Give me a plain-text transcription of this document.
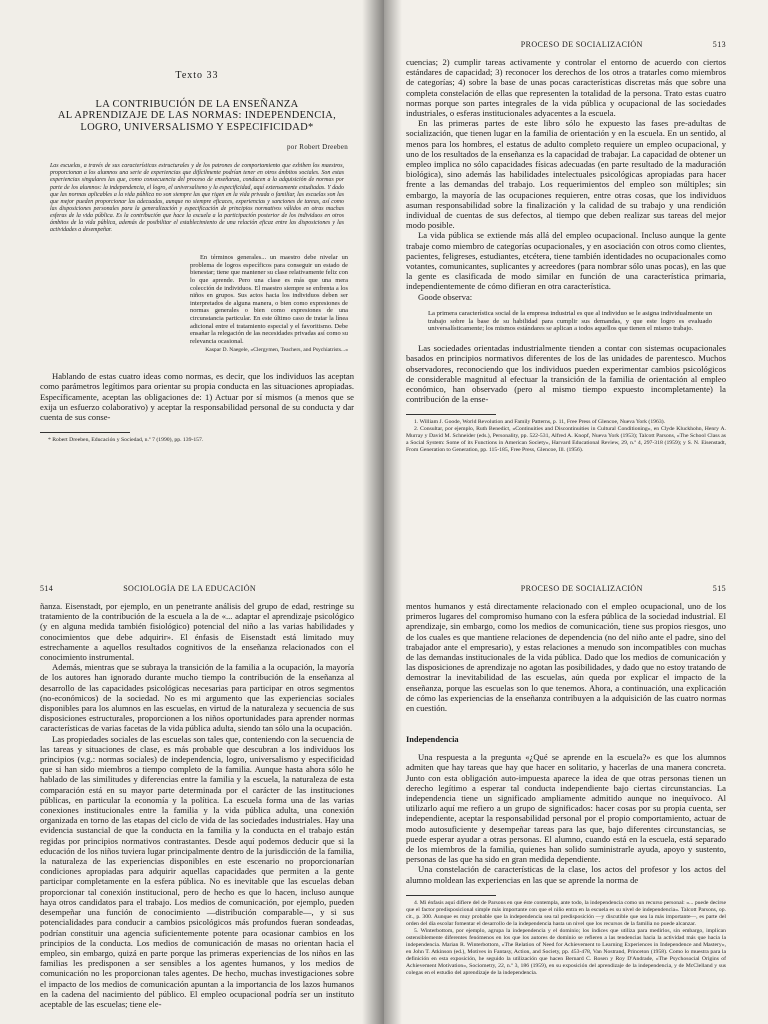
Texto 33
LA CONTRIBUCIÓN DE LA ENSEÑANZA
AL APRENDIZAJE DE LAS NORMAS: INDEPENDENCIA,
LOGRO, UNIVERSALISMO Y ESPECIFICIDAD*
por Robert Dreeben
Las escuelas, a través de sus características estructurales y de los patrones de comportamiento que exhiben los maestros, proporcionan a los alumnos una serie de experiencias que difícilmente podrían tener en otros ámbitos sociales. Son estas experiencias singulares las que, como consecuencia del proceso de enseñanza, conducen a la adquisición de normas por parte de los alumnos: la independencia, el logro, el universalismo y la especificidad, aquí extensamente estudiadas. Y dado que las normas aplicables a la vida pública no son siempre las que rigen en la vida privada o familiar, las escuelas son las que mejor pueden proporcionar las adecuadas, aunque no siempre eficaces, experiencias y sanciones de tareas, así como las disposiciones personales para la generalización y especificación de principios normativos válidos en otras muchas esferas de la vida pública. Es la contribución que hace la escuela a la participación posterior de los individuos en otros ámbitos de la vida pública, además de posibilitar el establecimiento de una relación eficaz entre las disposiciones y las actividades a desempeñar.

En términos generales... un maestro debe nivelar un problema de logros específicos para conseguir un estado de bienestar; tiene que mantener su clase relativamente feliz con lo que aprende. Pero una clase es más que una mera colección de individuos. El maestro siempre se enfrenta a los niños en grupos. Sus actos hacia los individuos deben ser interpretados de alguna manera, o bien como expresiones de normas generales o bien como expresiones de una circunstancia particular. En este último caso de tratar la línea adicional entre el tratamiento especial y el favoritismo. Debe ensañar la relegación de las necesidades privadas así como su relevancia ocasional.

Kaspar D. Naegele, «Clergymen, Teachers, and Psychiatrists...»

Hablando de estas cuatro ideas como normas, es decir, que los individuos las aceptan como parámetros legítimos para orientar su propia conducta en las situaciones apropiadas. Específicamente, aceptan las obligaciones de: 1) Actuar por sí mismos (a menos que se exija un esfuerzo colaborativo) y aceptar la responsabilidad personal de su conducta y dar cuenta de sus conse-

* Robert Dreeben, Educación y Sociedad, n.º 7 (1990), pp. 139-157.

PROCESO DE SOCIALIZACIÓN	513

cuencias; 2) cumplir tareas activamente y controlar el entorno de acuerdo con ciertos estándares de capacidad; 3) reconocer los derechos de los otros a tratarles como miembros de categorías; 4) sobre la base de unas pocas características discretas más que sobre una completa constelación de ellas que representen la totalidad de la persona. Trato estas cuatro normas porque son partes integrales de la vida pública y ocupacional de las sociedades industriales, o esferas institucionales adyacentes a la escuela.

En las primeras partes de este libro sólo he expuesto las fases pre-adultas de socialización, que tienen lugar en la familia de orientación y en la escuela. En un sentido, al menos para los hombres, el estatus de adulto completo requiere un empleo ocupacional, y uno de los resultados de la enseñanza es la capacidad de trabajar. La capacidad de obtener un empleo implica no sólo capacidades físicas adecuadas (en parte resultado de la maduración biológica), sino además las habilidades intelectuales psicológicas apropiadas para hacer frente a las demandas del trabajo. Los requerimientos del empleo son múltiples; sin embargo, la mayoría de las ocupaciones requieren, entre otras cosas, que los individuos asuman responsabilidad sobre la finalización y la calidad de su trabajo y una rendición individual de cuentas de sus defectos, al tiempo que deben realizar sus tareas del mejor modo posible.

La vida pública se extiende más allá del empleo ocupacional. Incluso aunque la gente trabaje como miembro de categorías ocupacionales, y en asociación con otros como clientes, pacientes, feligreses, estudiantes, etcétera, tiene también identidades no ocupacionales como votantes, comunicantes, suplicantes y acreedores (para nombrar sólo unas pocas), en las que la gente es clasificada de modo similar en función de una característica primaria, independientemente de cómo difieran en otra característica.

Goode observa:

La primera característica social de la empresa industrial es que al individuo se le asigna individualmente un trabajo sobre la base de su habilidad para cumplir sus demandas, y que este logro es evaluado universalísticamente; los mismos estándares se aplican a todos aquellos que tienen el mismo trabajo.

Las sociedades orientadas industrialmente tienden a contar con sistemas ocupacionales basados en principios normativos diferentes de los de las unidades de parentesco. Muchos observadores, reconociendo que los individuos pueden experimentar cambios psicológicos de considerable magnitud al efectuar la transición de la familia de orientación al empleo económico, han observado (pero al mismo tiempo expuesto incompletamente) la contribución de la ense-

1. William J. Goode, World Revolution and Family Patterns, p. 11, Free Press of Glencoe, Nueva York (1963).

2. Consultar, por ejemplo, Ruth Benedict, «Continuities and Discontinuities in Cultural Conditioning», en Clyde Kluckhohn, Henry A. Murray y David M. Schneider (eds.), Personality, pp. 522-531, Alfred A. Knopf, Nueva York (1953); Talcott Parsons, «The School Class as a Social System: Some of its Functions in American Society», Harvard Educational Review, 29, n.º 4, 297-318 (1959); y S. N. Eisenstadt, From Generation to Generation, pp. 115-185, Free Press, Glencoe, Ill. (1956).

514	SOCIOLOGÍA DE LA EDUCACIÓN

ñanza. Eisenstadt, por ejemplo, en un penetrante análisis del grupo de edad, restringe su tratamiento de la contribución de la escuela a la de «... adaptar el aprendizaje psicológico (y en alguna medida también fisiológico) potencial del niño a las varias habilidades y conocimientos que debe adquirir». El énfasis de Eisenstadt está limitado muy estrechamente a aquellos resultados cognitivos de la enseñanza relacionados con el conocimiento instrumental.

Además, mientras que se subraya la transición de la familia a la ocupación, la mayoría de los autores han ignorado durante mucho tiempo la contribución de la enseñanza al desarrollo de las capacidades psicológicas necesarias para participar en otros segmentos (no-económicos) de la sociedad. No es mi argumento que las experiencias sociales disponibles para los alumnos en las escuelas, en virtud de la naturaleza y secuencia de sus disposiciones estructurales, proporcionen a los niños oportunidades para aprender normas características de varias facetas de la vida pública adulta, siendo tan sólo una la ocupación.

Las propiedades sociales de las escuelas son tales que, conteniendo con la secuencia de las tareas y situaciones de clase, es más probable que descubran a los individuos los principios (v.g.: normas sociales) de independencia, logro, universalismo y especificidad que si han sido miembros a tiempo completo de la familia. Aunque hasta ahora sólo he hablado de las similitudes y diferencias entre la familia y la escuela, la naturaleza de esta comparación está en su mayor parte determinada por el carácter de las instituciones públicas, en particular la economía y la política. La escuela forma una de las varias conexiones institucionales entre la familia y la vida pública adulta, una conexión organizada en torno de las etapas del ciclo de vida de las sociedades industriales. Hay una evidencia sustancial de que la conducta en la familia y la conducta en el trabajo están regidas por principios normativos contrastantes. Desde aquí podemos deducir que si la educación de los niños tuviera lugar principalmente dentro de la jurisdicción de la familia, la naturaleza de las experiencias disponibles en este escenario no proporcionarían condiciones apropiadas para adquirir aquellas capacidades que permiten a la gente participar completamente en la esfera pública. No es inevitable que las escuelas deban proporcionar tal conexión institucional, pero de hecho es que lo hacen, incluso aunque haya otros candidatos para el trabajo. Los medios de comunicación, por ejemplo, pueden desempeñar una función de conocimiento —distribución comparable—, y si sus potencialidades para conducir a cambios psicológicos más profundos fueran sondeadas, podrían constituir una agencia suficientemente potente para ocasionar cambios en los principios de la conducta. Los medios de comunicación de masas no orientan hacia el empleo, sin embargo, quizá en parte porque las primeras experiencias de los niños en las familias les predisponen a ser sensibles a los agentes humanos, y los medios de comunicación no les proporcionan tales agentes. De hecho, muchas investigaciones sobre el impacto de los medios de comunicación apuntan a la importancia de los lazos humanos en la cadena del nacimiento del público. El empleo ocupacional podría ser un instituto aceptable de las escuelas; tiene ele-

PROCESO DE SOCIALIZACIÓN	515

mentos humanos y está directamente relacionado con el empleo ocupacional, uno de los primeros lugares del compromiso humano con la esfera pública de la sociedad industrial. El aprendizaje, sin embargo, como los medios de comunicación, tiene sus propios riesgos, uno de los cuales es que mantiene relaciones de dependencia (no del niño ante el padre, sino del trabajador ante el empresario), y estas relaciones a menudo son incompatibles con muchas de las demandas institucionales de la vida pública. Dado que los medios de comunicación y las disposiciones de aprendizaje no agotan las posibilidades, y dado que no estoy tratando de demostrar la inevitabilidad de las escuelas, aún queda por explicar el impacto de la enseñanza, porque las escuelas son lo que tenemos. Ahora, a continuación, una explicación de cómo las experiencias de la enseñanza contribuyen a la adquisición de las cuatro normas en cuestión.

Independencia

Una respuesta a la pregunta «¿Qué se aprende en la escuela?» es que los alumnos admiten que hay tareas que hay que hacer en solitario, y hacerlas de una manera concreta. Junto con esta obligación auto-impuesta aparece la idea de que otras personas tienen un derecho legítimo a esperar tal conducta independiente bajo ciertas circunstancias. La independencia tiene un significado ampliamente admitido aunque no inequívoco. Al utilizarlo aquí me refiero a un grupo de significados: hacer cosas por su propia cuenta, ser independiente, aceptar la responsabilidad personal por el propio comportamiento, actuar de modo autosuficiente y desempeñar tareas para las que, bajo diferentes circunstancias, se puede esperar ayudar a otras personas. El alumno, cuando está en la escuela, está separado de los miembros de la familia, quienes han solido suministrarle ayuda, apoyo y sustento, personas de las que ha sido en gran medida dependiente.

Una constelación de características de la clase, los actos del profesor y los actos del alumno moldean las experiencias en las que se aprende la norma de

4. Mi énfasis aquí difiere del de Parsons en que éste contempla, ante todo, la independencia como un recurso personal: «... puede decirse que el factor predisposicional simple más importante con que el niño entra en la escuela es su nivel de independencia». Talcott Parsons, op. cit., p. 300. Aunque es muy probable que la independencia sea tal predisposición —y discutible que sea la más importante—, es parte del orden del día escolar fomentar el desarrollo de la independencia hasta un nivel que los recursos de la familia no puede alcanzar.

5. Winterbottom, por ejemplo, agrupa la independencia y el dominio; los índices que utiliza para medirlos, sin embargo, implican ostensiblemente diferentes fenómenos en los que los autores de dominio se refieren a las tendencias hacia la actividad más que hacia la independencia. Marian R. Winterbottom, «The Relation of Need for Achievement to Learning Experiences in Independence and Mastery», en John T. Atkinson (ed.), Motives in Fantasy, Action, and Society, pp. 453-478, Van Nostrand, Princeton (1958). Como lo muestra para la definición en esta exposición, he seguido la utilización que hacen Bernard C. Rosen y Roy D'Andrade, «The Psychosocial Origins of Achievement Motivation», Sociometry, 22, n.º 3, 186 (1959), en su exposición del aprendizaje de la independencia, y de McClelland y sus colegas en el estudio del aprendizaje de la independencia.
